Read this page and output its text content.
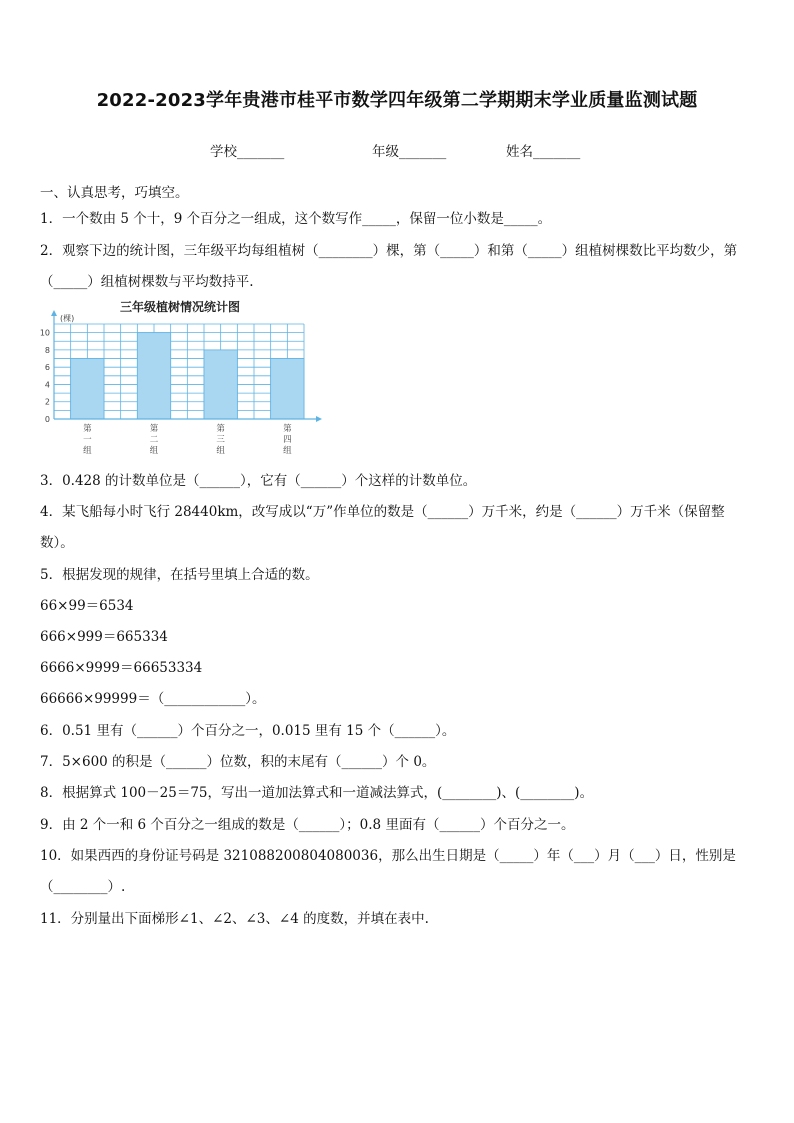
2022-2023学年贵港市桂平市数学四年级第二学期期末学业质量监测试题
学校_______	年级_______	姓名_______
一、认真思考，巧填空。
1．一个数由 5 个十，9 个百分之一组成，这个数写作_____，保留一位小数是_____。
2．观察下边的统计图，三年级平均每组植树（________）棵，第（_____）和第（_____）组植树棵数比平均数少，第
（_____）组植树棵数与平均数持平.
三年级植树情况统计图
(棵)
第
一
组
第
二
组
第
三
组
第
四
组
0
2
4
6
8
10
3．0.428 的计数单位是（______），它有（______）个这样的计数单位。
4．某飞船每小时飞行 28440km，改写成以“万”作单位的数是（______）万千米，约是（______）万千米（保留整
数）。
5．根据发现的规律，在括号里填上合适的数。
66×99＝6534
666×999＝665334
6666×9999＝66653334
66666×99999＝（____________）。
6．0.51 里有（______）个百分之一，0.015 里有 15 个（______）。
7．5×600 的积是（______）位数，积的末尾有（______）个 0。
8．根据算式 100－25＝75，写出一道加法算式和一道减法算式，(________)、(________)。
9．由 2 个一和 6 个百分之一组成的数是（______）；0.8 里面有（______）个百分之一。
10．如果西西的身份证号码是 321088200804080036，那么出生日期是（_____）年（___）月（___）日，性别是
（________）.
11．分别量出下面梯形∠1、∠2、∠3、∠4 的度数，并填在表中.
